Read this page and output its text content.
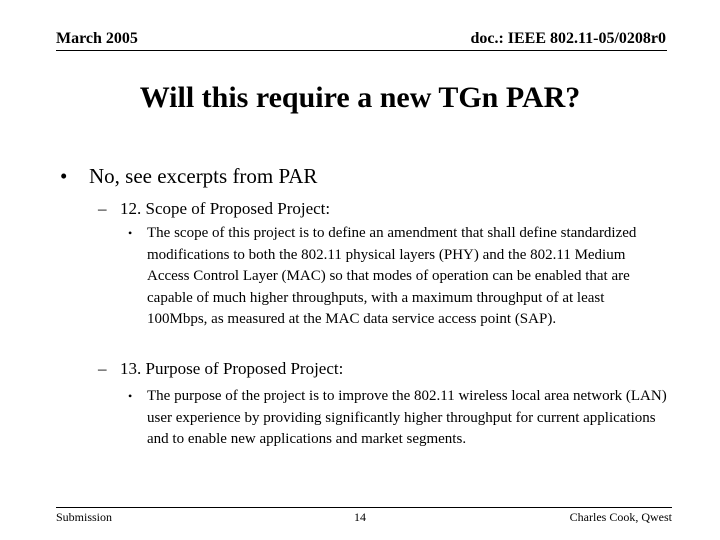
March 2005	doc.: IEEE 802.11-05/0208r0
Will this require a new TGn PAR?
• No, see excerpts from PAR
– 12. Scope of Proposed Project:
• The scope of this project is to define an amendment that shall define standardized modifications to both the 802.11 physical layers (PHY) and the 802.11 Medium Access Control Layer (MAC) so that modes of operation can be enabled that are capable of much higher throughputs, with a maximum throughput of at least 100Mbps, as measured at the MAC data service access point (SAP).
– 13. Purpose of Proposed Project:
• The purpose of the project is to improve the 802.11 wireless local area network (LAN) user experience by providing significantly higher throughput for current applications and to enable new applications and market segments.
Submission	14	Charles Cook, Qwest
